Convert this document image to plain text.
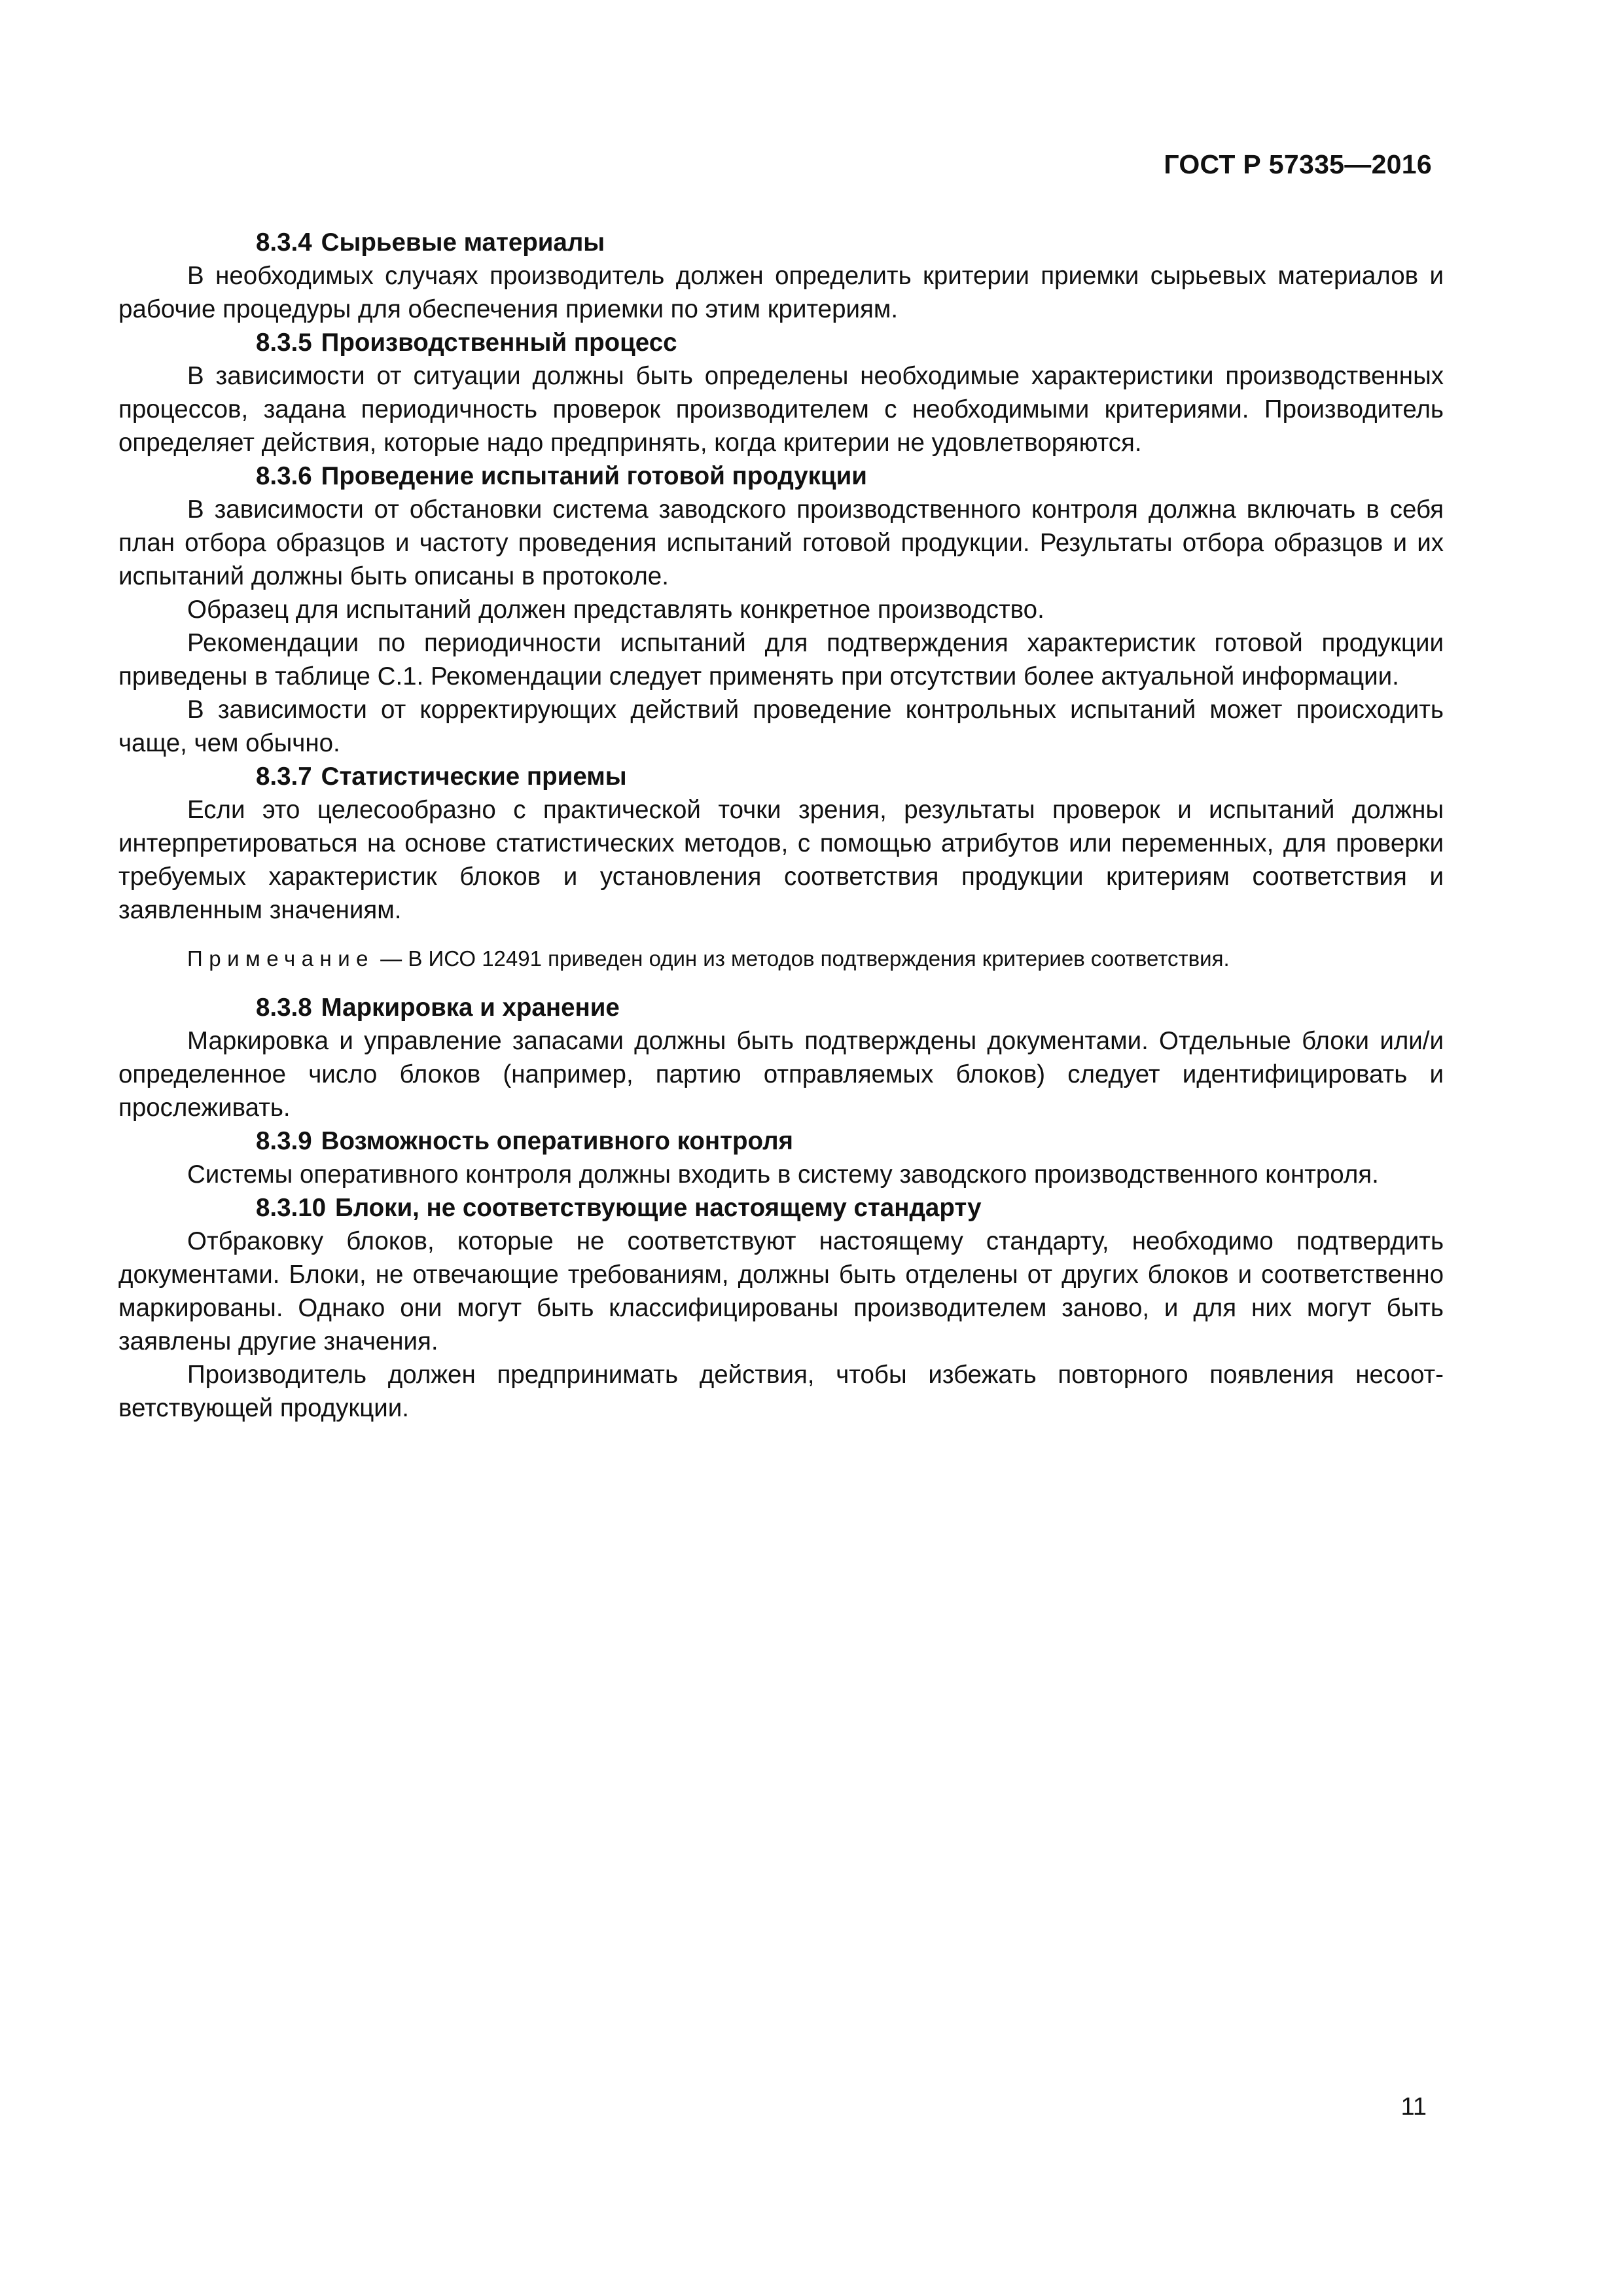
ГОСТ Р 57335—2016

8.3.4 Сырьевые материалы

В необходимых случаях производитель должен определить критерии приемки сырьевых материалов и рабочие процедуры для обеспечения приемки по этим критериям.

8.3.5 Производственный процесс

В зависимости от ситуации должны быть определены необходимые характеристики производственных процессов, задана периодичность проверок производителем с необходимыми критериями. Производитель определяет действия, которые надо предпринять, когда критерии не удовлетворяются.

8.3.6 Проведение испытаний готовой продукции

В зависимости от обстановки система заводского производственного контроля должна включать в себя план отбора образцов и частоту проведения испытаний готовой продукции. Результаты отбора образцов и их испытаний должны быть описаны в протоколе.

Образец для испытаний должен представлять конкретное производство.

Рекомендации по периодичности испытаний для подтверждения характеристик готовой продукции приведены в таблице С.1. Рекомендации следует применять при отсутствии более актуальной информации.

В зависимости от корректирующих действий проведение контрольных испытаний может происходить чаще, чем обычно.

8.3.7 Статистические приемы

Если это целесообразно с практической точки зрения, результаты проверок и испытаний должны интерпретироваться на основе статистических методов, с помощью атрибутов или переменных, для проверки требуемых характеристик блоков и установления соответствия продукции критериям соответствия и заявленным значениям.

Примечание — В ИСО 12491 приведен один из методов подтверждения критериев соответствия.

8.3.8 Маркировка и хранение

Маркировка и управление запасами должны быть подтверждены документами. Отдельные блоки или/и определенное число блоков (например, партию отправляемых блоков) следует идентифицировать и прослеживать.

8.3.9 Возможность оперативного контроля

Системы оперативного контроля должны входить в систему заводского производственного контроля.

8.3.10 Блоки, не соответствующие настоящему стандарту

Отбраковку блоков, которые не соответствуют настоящему стандарту, необходимо подтвердить документами. Блоки, не отвечающие требованиям, должны быть отделены от других блоков и соответственно маркированы. Однако они могут быть классифицированы производителем заново, и для них могут быть заявлены другие значения.

Производитель должен предпринимать действия, чтобы избежать повторного появления несоответствующей продукции.

11
